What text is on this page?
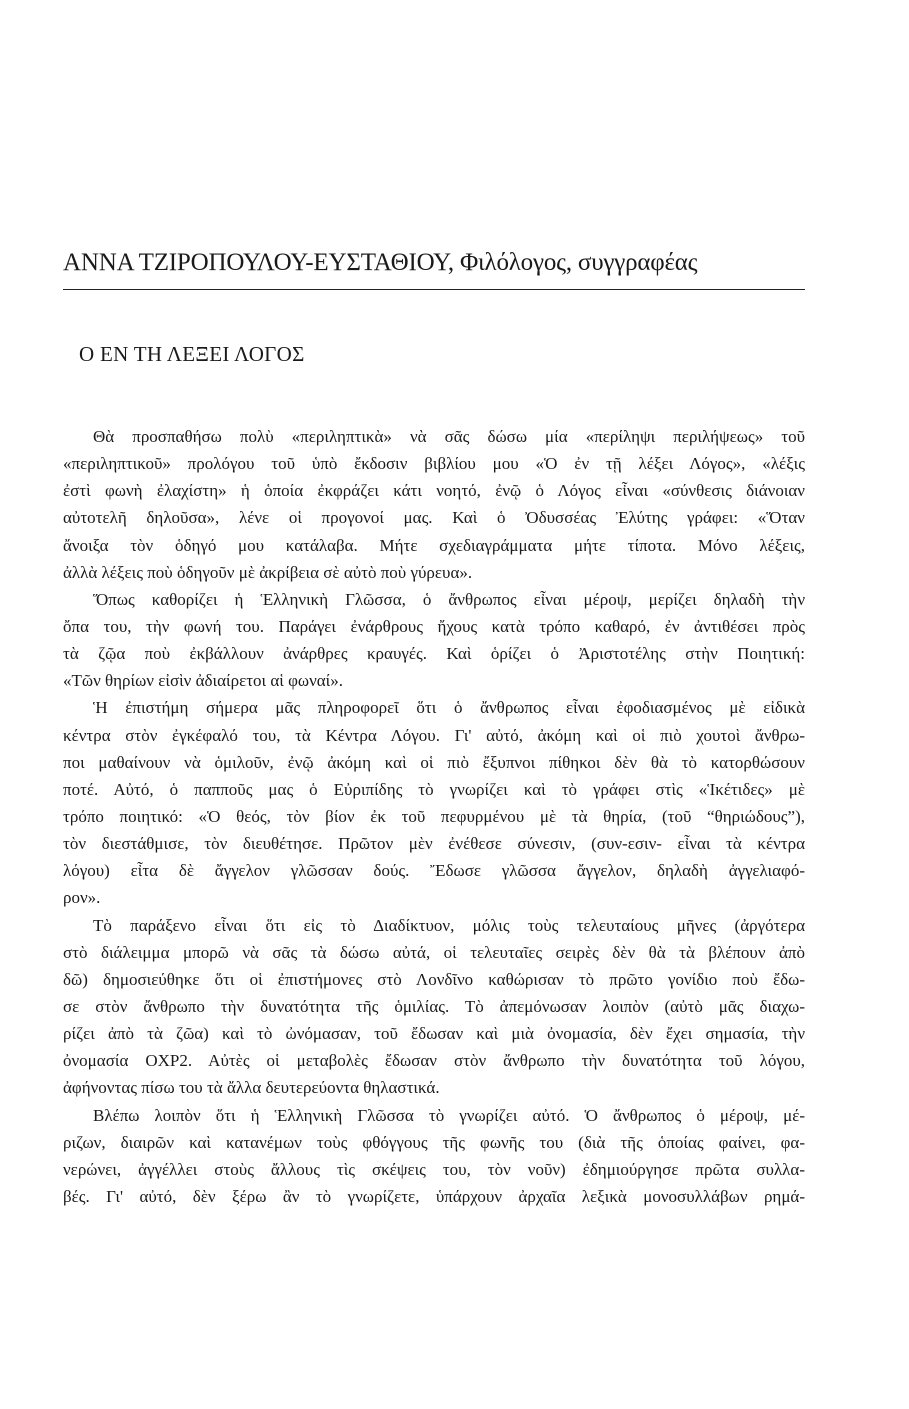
ΑΝΝΑ ΤΖΙΡΟΠΟΥΛΟΥ-ΕΥΣΤΑΘΙΟΥ, Φιλόλογος, συγγραφέας
Ο ΕΝ ΤΗ ΛΕΞΕΙ ΛΟΓΟΣ
Θὰ προσπαθήσω πολὺ «περιληπτικὰ» νὰ σᾶς δώσω μία «περίληψι περιλήψεως» τοῦ
«περιληπτικοῦ» προλόγου τοῦ ὑπὸ ἔκδοσιν βιβλίου μου «Ὁ ἐν τῇ λέξει Λόγος», «λέξις
ἐστὶ φωνὴ ἐλαχίστη» ἡ ὁποία ἐκφράζει κάτι νοητό, ἐνῷ ὁ Λόγος εἶναι «σύνθεσις διάνοιαν
αὐτοτελῆ δηλοῦσα», λένε οἱ προγονοί μας. Καὶ ὁ Ὀδυσσέας Ἐλύτης γράφει: «Ὅταν
ἄνοιξα τὸν ὁδηγό μου κατάλαβα. Μήτε σχεδιαγράμματα μήτε τίποτα. Μόνο λέξεις,
ἀλλὰ λέξεις ποὺ ὁδηγοῦν μὲ ἀκρίβεια σὲ αὐτὸ ποὺ γύρευα».
Ὅπως καθορίζει ἡ Ἑλληνικὴ Γλῶσσα, ὁ ἄνθρωπος εἶναι μέροψ, μερίζει δηλαδὴ τὴν
ὄπα του, τὴν φωνή του. Παράγει ἐνάρθρους ἤχους κατὰ τρόπο καθαρό, ἐν ἀντιθέσει πρὸς
τὰ ζῷα ποὺ ἐκβάλλουν ἀνάρθρες κραυγές. Καὶ ὁρίζει ὁ Ἀριστοτέλης στὴν Ποιητική:
«Τῶν θηρίων εἰσὶν ἀδιαίρετοι αἱ φωναί».
Ἡ ἐπιστήμη σήμερα μᾶς πληροφορεῖ ὅτι ὁ ἄνθρωπος εἶναι ἐφοδιασμένος μὲ εἰδικὰ
κέντρα στὸν ἐγκέφαλό του, τὰ Κέντρα Λόγου. Γι' αὐτό, ἀκόμη καὶ οἱ πιὸ χουτοὶ ἄνθρω-
ποι μαθαίνουν νὰ ὁμιλοῦν, ἐνῷ ἀκόμη καὶ οἱ πιὸ ἔξυπνοι πίθηκοι δὲν θὰ τὸ κατορθώσουν
ποτέ. Αὐτό, ὁ παπποῦς μας ὁ Εὐριπίδης τὸ γνωρίζει καὶ τὸ γράφει στὶς «Ἱκέτιδες» μὲ
τρόπο ποιητικό: «Ὁ θεός, τὸν βίον ἐκ τοῦ πεφυρμένου μὲ τὰ θηρία, (τοῦ “θηριώδους”),
τὸν διεστάθμισε, τὸν διευθέτησε. Πρῶτον μὲν ἐνέθεσε σύνεσιν, (συν-εσιν- εἶναι τὰ κέντρα
λόγου) εἶτα δὲ ἄγγελον γλῶσσαν δούς. Ἔδωσε γλῶσσα ἄγγελον, δηλαδὴ ἀγγελιαφό-
ρον».
Τὸ παράξενο εἶναι ὅτι εἰς τὸ Διαδίκτυον, μόλις τοὺς τελευταίους μῆνες (ἀργότερα
στὸ διάλειμμα μπορῶ νὰ σᾶς τὰ δώσω αὐτά, οἱ τελευταῖες σειρὲς δὲν θὰ τὰ βλέπουν ἀπὸ
δῶ) δημοσιεύθηκε ὅτι οἱ ἐπιστήμονες στὸ Λονδῖνο καθώρισαν τὸ πρῶτο γονίδιο ποὺ ἔδω-
σε στὸν ἄνθρωπο τὴν δυνατότητα τῆς ὁμιλίας. Τὸ ἀπεμόνωσαν λοιπὸν (αὐτὸ μᾶς διαχω-
ρίζει ἀπὸ τὰ ζῶα) καὶ τὸ ὠνόμασαν, τοῦ ἔδωσαν καὶ μιὰ ὀνομασία, δὲν ἔχει σημασία, τὴν
ὀνομασία ΟΧΡ2. Αὐτὲς οἱ μεταβολὲς ἔδωσαν στὸν ἄνθρωπο τὴν δυνατότητα τοῦ λόγου,
ἀφήνοντας πίσω του τὰ ἄλλα δευτερεύοντα θηλαστικά.
Βλέπω λοιπὸν ὅτι ἡ Ἑλληνικὴ Γλῶσσα τὸ γνωρίζει αὐτό. Ὁ ἄνθρωπος ὁ μέροψ, μέ-
ριζων, διαιρῶν καὶ κατανέμων τοὺς φθόγγους τῆς φωνῆς του (διὰ τῆς ὁποίας φαίνει, φα-
νερώνει, ἀγγέλλει στοὺς ἄλλους τὶς σκέψεις του, τὸν νοῦν) ἐδημιούργησε πρῶτα συλλα-
βές. Γι' αὐτό, δὲν ξέρω ἂν τὸ γνωρίζετε, ὑπάρχουν ἀρχαῖα λεξικὰ μονοσυλλάβων ρημά-
